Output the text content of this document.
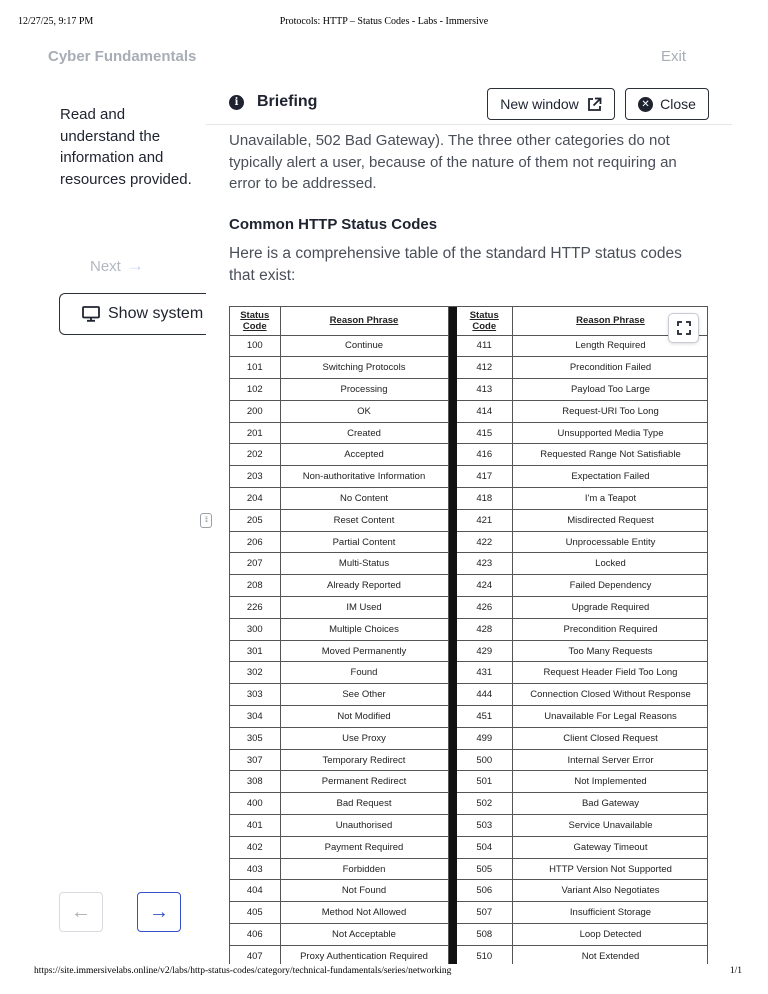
12/27/25, 9:17 PM	Protocols: HTTP – Status Codes - Labs - Immersive
https://site.immersivelabs.online/v2/labs/http-status-codes/category/technical-fundamentals/series/networking	1/1
Cyber Fundamentals	Exit

Read and understand the information and resources provided.

Next →
Show system
⁞⁞
←	→
i	Briefing	New window	✕ Close

Unavailable, 502 Bad Gateway). The three other categories do not typically alert a user, because of the nature of them not requiring an error to be addressed.

Common HTTP Status Codes

Here is a comprehensive table of the standard HTTP status codes that exist:

Status Code	Reason Phrase		Status Code	Reason Phrase
100	Continue		411	Length Required
101	Switching Protocols		412	Precondition Failed
102	Processing		413	Payload Too Large
200	OK		414	Request-URI Too Long
201	Created		415	Unsupported Media Type
202	Accepted		416	Requested Range Not Satisfiable
203	Non-authoritative Information		417	Expectation Failed
204	No Content		418	I'm a Teapot
205	Reset Content		421	Misdirected Request
206	Partial Content		422	Unprocessable Entity
207	Multi-Status		423	Locked
208	Already Reported		424	Failed Dependency
226	IM Used		426	Upgrade Required
300	Multiple Choices		428	Precondition Required
301	Moved Permanently		429	Too Many Requests
302	Found		431	Request Header Field Too Long
303	See Other		444	Connection Closed Without Response
304	Not Modified		451	Unavailable For Legal Reasons
305	Use Proxy		499	Client Closed Request
307	Temporary Redirect		500	Internal Server Error
308	Permanent Redirect		501	Not Implemented
400	Bad Request		502	Bad Gateway
401	Unauthorised		503	Service Unavailable
402	Payment Required		504	Gateway Timeout
403	Forbidden		505	HTTP Version Not Supported
404	Not Found		506	Variant Also Negotiates
405	Method Not Allowed		507	Insufficient Storage
406	Not Acceptable		508	Loop Detected
407	Proxy Authentication Required		510	Not Extended
